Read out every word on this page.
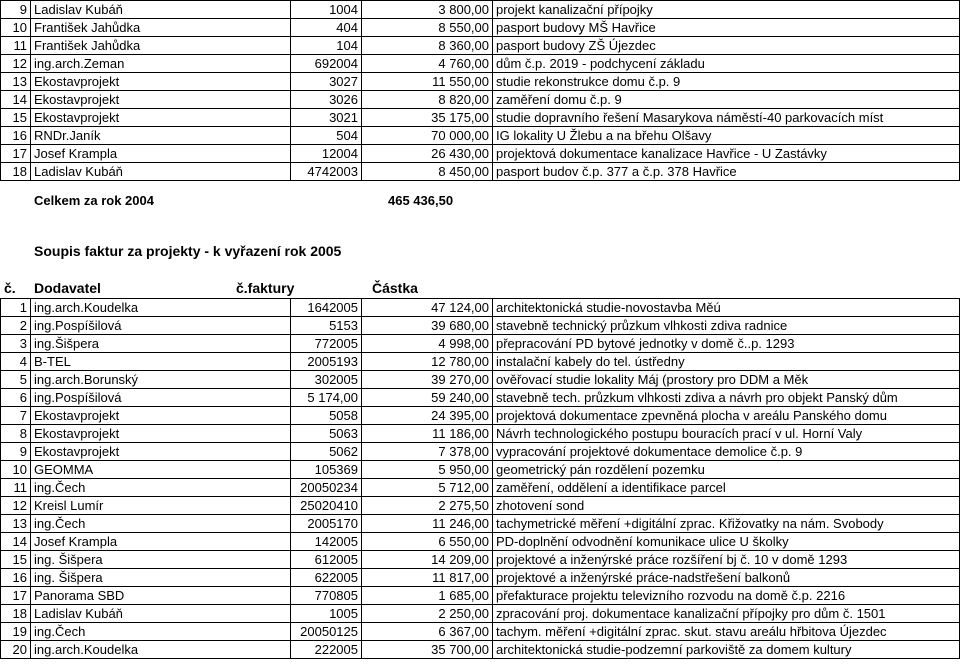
9	Ladislav Kubáň	1004	3 800,00	projekt kanalizační přípojky
10	František Jahůdka	404	8 550,00	pasport budovy MŠ Havřice
11	František Jahůdka	104	8 360,00	pasport budovy ZŠ Újezdec
12	ing.arch.Zeman	692004	4 760,00	dům č.p. 2019 - podchycení základu
13	Ekostavprojekt	3027	11 550,00	studie rekonstrukce domu č.p. 9
14	Ekostavprojekt	3026	8 820,00	zaměření domu č.p. 9
15	Ekostavprojekt	3021	35 175,00	studie dopravního řešení Masarykova náměstí-40 parkovacích míst
16	RNDr.Janík	504	70 000,00	IG lokality U Žlebu a na břehu Olšavy
17	Josef Krampla	12004	26 430,00	projektová dokumentace kanalizace Havřice - U Zastávky
18	Ladislav Kubáň	4742003	8 450,00	pasport budov č.p. 377 a č.p. 378 Havřice
Celkem za rok 2004	465 436,50
Soupis faktur za projekty - k vyřazení rok 2005
č. Dodavatel	č.faktury	Částka
1	ing.arch.Koudelka	1642005	47 124,00	architektonická studie-novostavba Měú
2	ing.Pospíšilová	5153	39 680,00	stavebně technický průzkum vlhkosti zdiva radnice
3	ing.Šišpera	772005	4 998,00	přepracování PD bytové jednotky v domě č..p. 1293
4	B-TEL	2005193	12 780,00	instalační kabely do tel. ústředny
5	ing.arch.Borunský	302005	39 270,00	ověřovací studie lokality Máj (prostory pro DDM a Měk
6	ing.Pospíšilová	5 174,00	59 240,00	stavebně tech. průzkum vlhkosti zdiva a návrh pro objekt Panský dům
7	Ekostavprojekt	5058	24 395,00	projektová dokumentace zpevněná plocha v areálu Panského domu
8	Ekostavprojekt	5063	11 186,00	Návrh technologického postupu bouracích prací v ul. Horní Valy
9	Ekostavprojekt	5062	7 378,00	vypracování projektové dokumentace demolice č.p. 9
10	GEOMMA	105369	5 950,00	geometrický pán rozdělení pozemku
11	ing.Čech	20050234	5 712,00	zaměření, oddělení a identifikace parcel
12	Kreisl Lumír	25020410	2 275,50	zhotovení sond
13	ing.Čech	2005170	11 246,00	tachymetrické měření +digitální zprac. Křižovatky na nám. Svobody
14	Josef Krampla	142005	6 550,00	PD-doplnění odvodnění komunikace ulice U školky
15	ing. Šišpera	612005	14 209,00	projektové a inženýrské práce rozšíření bj č. 10 v domě 1293
16	ing. Šišpera	622005	11 817,00	projektové a inženýrské práce-nadstřešení balkonů
17	Panorama SBD	770805	1 685,00	přefakturace projektu televizního rozvodu na domě č.p. 2216
18	Ladislav Kubáň	1005	2 250,00	zpracování proj. dokumentace kanalizační přípojky pro dům č. 1501
19	ing.Čech	20050125	6 367,00	tachym. měření +digitální zprac. skut. stavu areálu hřbitova Újezdec
20	ing.arch.Koudelka	222005	35 700,00	architektonická studie-podzemní parkoviště za domem kultury
